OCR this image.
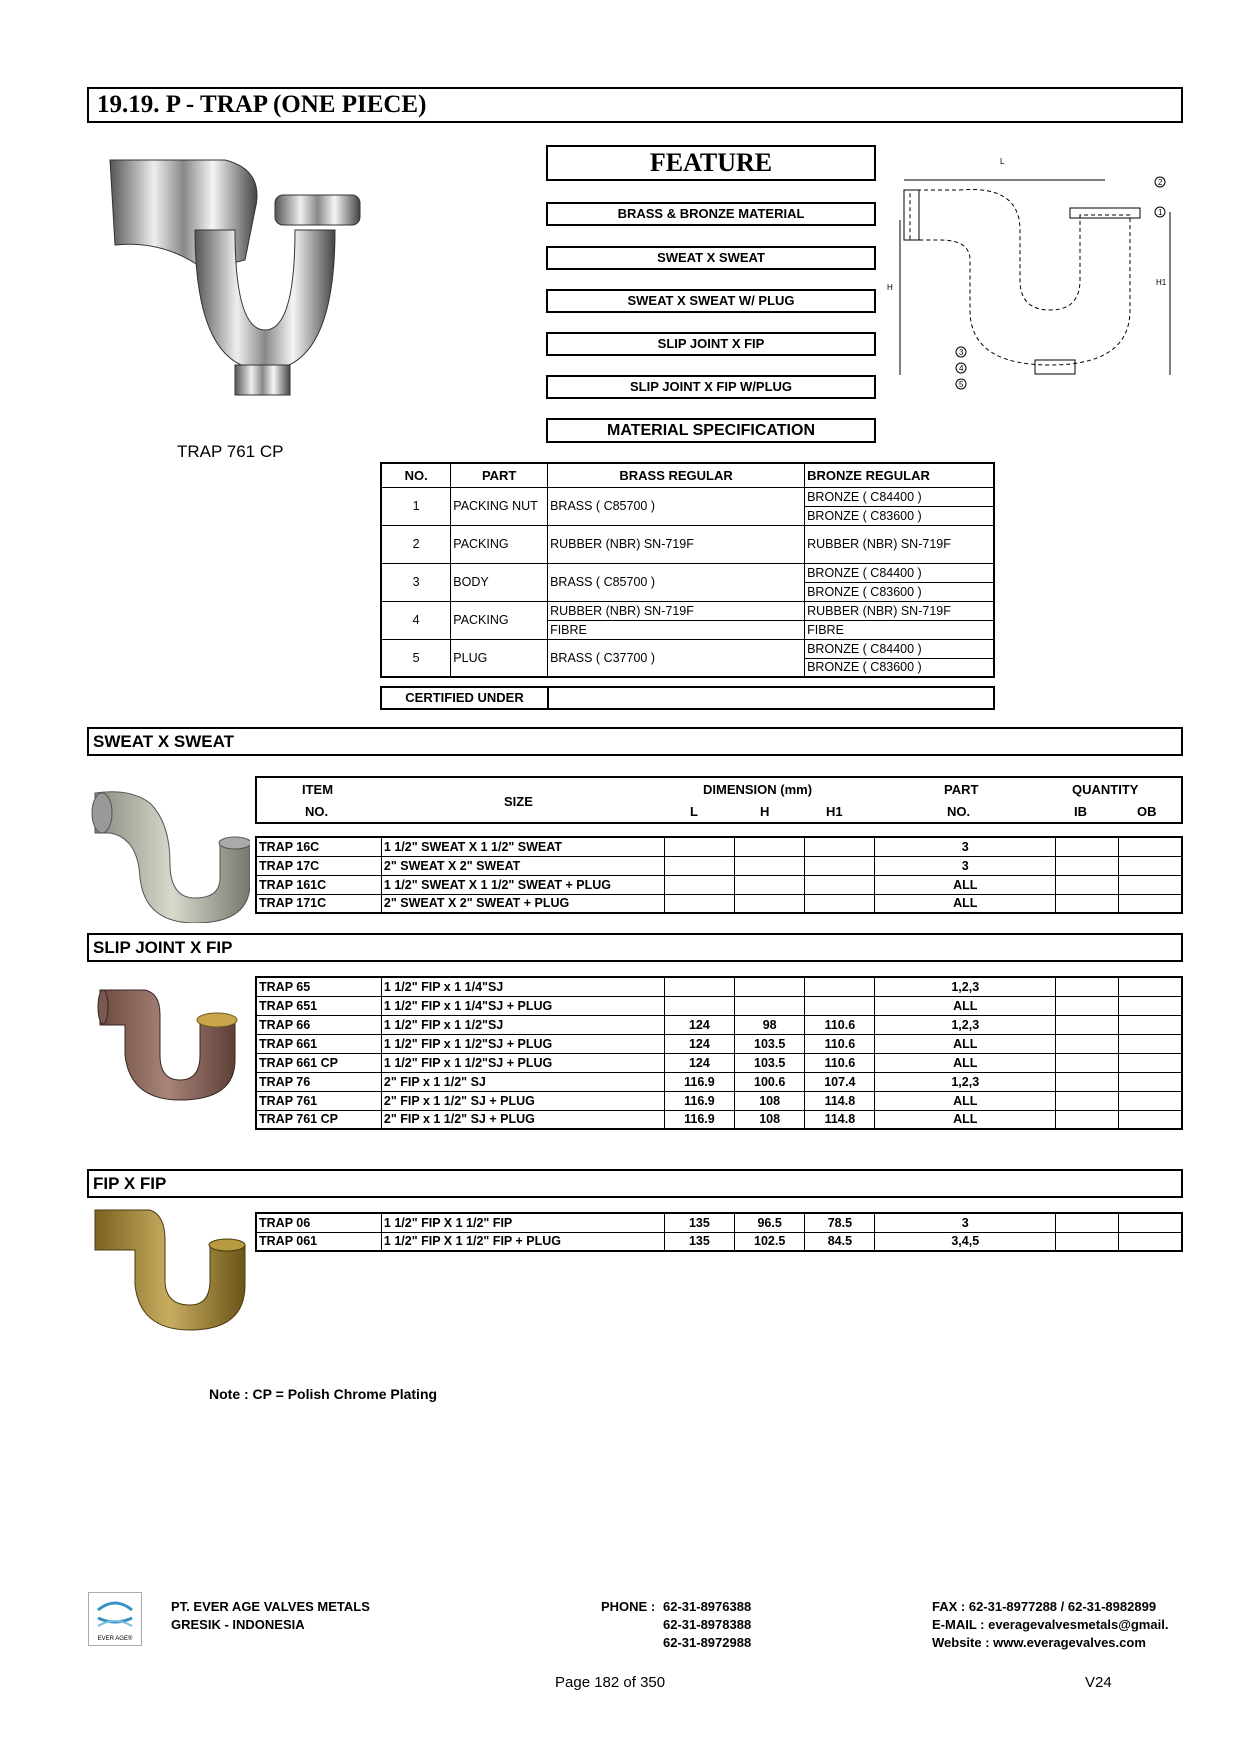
19.19. P - TRAP (ONE PIECE)
TRAP 761 CP
FEATURE
BRASS & BRONZE MATERIAL
SWEAT X SWEAT
SWEAT X SWEAT W/ PLUG
SLIP JOINT X FIP
SLIP JOINT X FIP W/PLUG
MATERIAL SPECIFICATION
L
H
H1
1
2
3
4
5
NO.	PART	BRASS REGULAR	BRONZE REGULAR
1	PACKING NUT	BRASS ( C85700 )	BRONZE ( C84400 )
			BRONZE ( C83600 )
2	PACKING	RUBBER (NBR) SN-719F	RUBBER (NBR) SN-719F
3	BODY	BRASS ( C85700 )	BRONZE ( C84400 )
			BRONZE ( C83600 )
4	PACKING	RUBBER (NBR) SN-719F	RUBBER (NBR) SN-719F
		FIBRE	FIBRE
5	PLUG	BRASS ( C37700 )	BRONZE ( C84400 )
			BRONZE ( C83600 )
CERTIFIED UNDER
SWEAT X SWEAT
ITEM
NO.
SIZE
DIMENSION (mm)
L	H	H1
PART
NO.
QUANTITY
IB	OB
TRAP 16C	1 1/2" SWEAT X 1 1/2" SWEAT				3		
TRAP 17C	2" SWEAT X 2" SWEAT				3		
TRAP 161C	1 1/2" SWEAT X 1 1/2" SWEAT + PLUG				ALL		
TRAP 171C	2" SWEAT X 2" SWEAT + PLUG				ALL		
SLIP JOINT X FIP
TRAP 65	1 1/2" FIP x 1 1/4"SJ				1,2,3		
TRAP 651	1 1/2" FIP x 1 1/4"SJ + PLUG				ALL		
TRAP 66	1 1/2" FIP x 1 1/2"SJ	124	98	110.6	1,2,3		
TRAP 661	1 1/2" FIP x 1 1/2"SJ + PLUG	124	103.5	110.6	ALL		
TRAP 661 CP	1 1/2" FIP x 1 1/2"SJ + PLUG	124	103.5	110.6	ALL		
TRAP 76	2" FIP x 1 1/2" SJ	116.9	100.6	107.4	1,2,3		
TRAP 761	2" FIP x 1 1/2" SJ + PLUG	116.9	108	114.8	ALL		
TRAP 761 CP	2" FIP x 1 1/2" SJ + PLUG	116.9	108	114.8	ALL		
FIP X FIP
TRAP 06	1 1/2" FIP X 1 1/2" FIP	135	96.5	78.5	3		
TRAP 061	1 1/2" FIP X 1 1/2" FIP + PLUG	135	102.5	84.5	3,4,5		
Note : CP = Polish Chrome Plating
EVER AGE®
PT. EVER AGE VALVES METALS
GRESIK - INDONESIA
PHONE : 62-31-8976388
62-31-8978388
62-31-8972988
FAX : 62-31-8977288 / 62-31-8982899
E-MAIL : everagevalvesmetals@gmail.
Website : www.everagevalves.com
Page 182 of 350	V24
